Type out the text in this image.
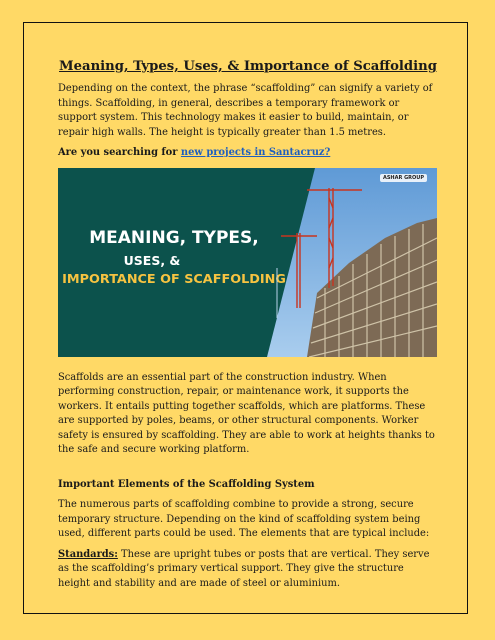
Meaning, Types, Uses, & Importance of Scaffolding

Depending on the context, the phrase “scaffolding” can signify a variety of things. Scaffolding, in general, describes a temporary framework or support system. This technology makes it easier to build, maintain, or repair high walls. The height is typically greater than 1.5 metres.

Are you searching for new projects in Santacruz?

MEANING, TYPES,
USES, &
IMPORTANCE OF SCAFFOLDING
ASHAR GROUP

Scaffolds are an essential part of the construction industry. When performing construction, repair, or maintenance work, it supports the workers. It entails putting together scaffolds, which are platforms. These are supported by poles, beams, or other structural components. Worker safety is ensured by scaffolding. They are able to work at heights thanks to the safe and secure working platform.

Important Elements of the Scaffolding System

The numerous parts of scaffolding combine to provide a strong, secure temporary structure. Depending on the kind of scaffolding system being used, different parts could be used. The elements that are typical include:

Standards: These are upright tubes or posts that are vertical. They serve as the scaffolding’s primary vertical support. They give the structure height and stability and are made of steel or aluminium.
